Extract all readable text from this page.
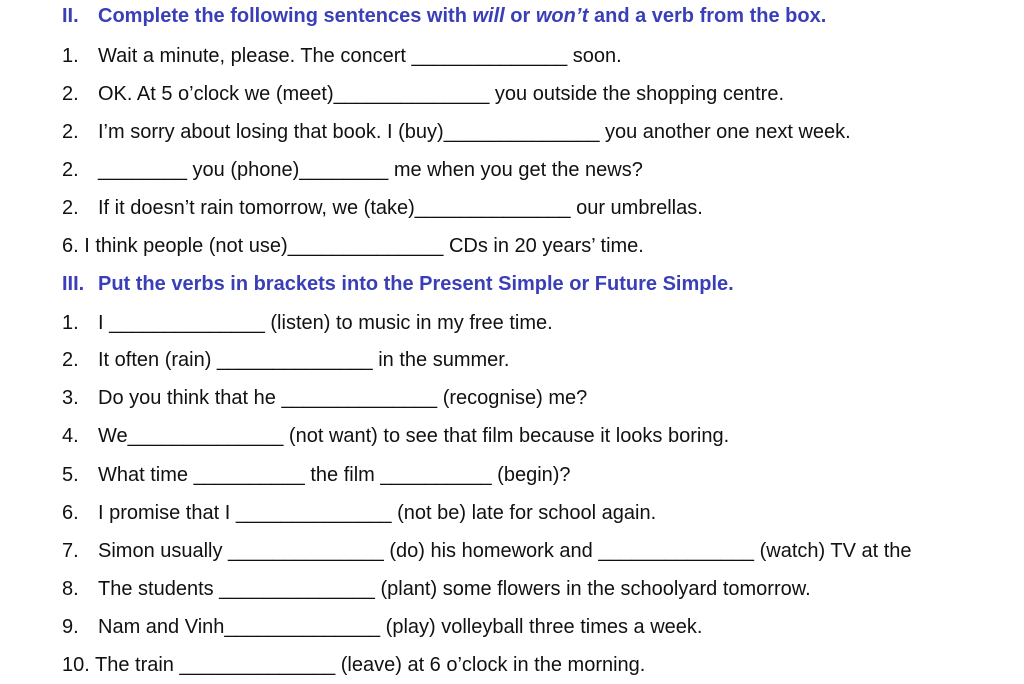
II. Complete the following sentences with will or won’t and a verb from the box.
1. Wait a minute, please. The concert ______________ soon.
2. OK. At 5 o’clock we (meet)______________ you outside the shopping centre.
2. I’m sorry about losing that book. I (buy)______________ you another one next week.
2. ________ you (phone)________ me when you get the news?
2. If it doesn’t rain tomorrow, we (take)______________ our umbrellas.
6. I think people (not use)______________ CDs in 20 years’ time.
III. Put the verbs in brackets into the Present Simple or Future Simple.
1. I ______________ (listen) to music in my free time.
2. It often (rain) ______________ in the summer.
3. Do you think that he ______________ (recognise) me?
4. We______________ (not want) to see that film because it looks boring.
5. What time __________ the film __________ (begin)?
6. I promise that I ______________ (not be) late for school again.
7. Simon usually ______________ (do) his homework and ______________ (watch) TV at the
8. The students ______________ (plant) some flowers in the schoolyard tomorrow.
9. Nam and Vinh______________ (play) volleyball three times a week.
10. The train ______________ (leave) at 6 o’clock in the morning.
